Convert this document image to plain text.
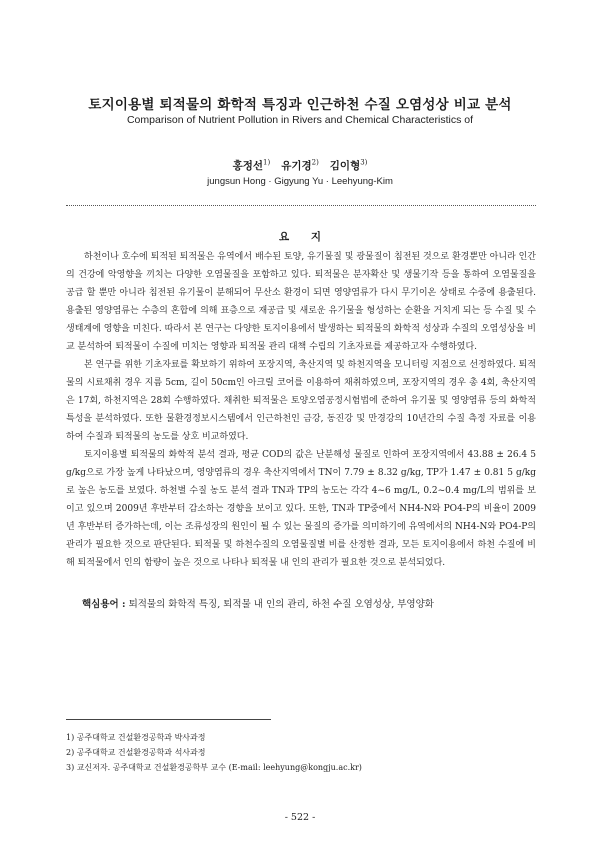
토지이용별 퇴적물의 화학적 특징과 인근하천 수질 오염성상 비교 분석
Comparison of Nutrient Pollution in Rivers and Chemical Characteristics of
홍정선$^{1)}$ 유기경$^{2)}$ 김이형$^{3)}$
jungsun Hong · Gigyung Yu · Leehyung-Kim
요 지

하천이나 호수에 퇴적된 퇴적물은 유역에서 배수된 토양, 유기물질 및 광물질이 침전된 것으로 환경뿐만 아니라 인간의 건강에 악영향을 끼치는 다양한 오염물질을 포함하고 있다. 퇴적물은 분자확산 및 생물기작 등을 통하여 오염물질을 공급 할 뿐만 아니라 침전된 유기물이 분해되어 무산소 환경이 되면 영양염류가 다시 무기이온 상태로 수중에 용출된다. 용출된 영양염류는 수층의 혼합에 의해 표층으로 재공급 및 새로운 유기물을 형성하는 순환을 거치게 되는 등 수질 및 수생태계에 영향을 미친다. 따라서 본 연구는 다양한 토지이용에서 발생하는 퇴적물의 화학적 성상과 수질의 오염성상을 비교 분석하여 퇴적물이 수질에 미치는 영향과 퇴적물 관리 대책 수립의 기초자료를 제공하고자 수행하였다.

본 연구를 위한 기초자료를 확보하기 위하여 포장지역, 축산지역 및 하천지역을 모니터링 지점으로 선정하였다. 퇴적물의 시료채취 경우 지름 5cm, 길이 50cm인 아크릴 코어를 이용하여 채취하였으며, 포장지역의 경우 총 4회, 축산지역은 17회, 하천지역은 28회 수행하였다. 채취한 퇴적물은 토양오염공정시험법에 준하여 유기물 및 영양염류 등의 화학적 특성을 분석하였다. 또한 물환경정보시스템에서 인근하천인 금강, 동진강 및 만경강의 10년간의 수질 측정 자료를 이용하여 수질과 퇴적물의 농도를 상호 비교하였다.

토지이용별 퇴적물의 화학적 분석 결과, 평균 COD의 값은 난분해성 물질로 인하여 포장지역에서 43.88 ± 26.4 5 g/kg으로 가장 높게 나타났으며, 영양염류의 경우 축산지역에서 TN이 7.79 ± 8.32 g/kg, TP가 1.47 ± 0.81 5 g/kg로 높은 농도를 보였다. 하천별 수질 농도 분석 결과 TN과 TP의 농도는 각각 4~6 mg/L, 0.2~0.4 mg/L의 범위를 보이고 있으며 2009년 후반부터 감소하는 경향을 보이고 있다. 또한, TN과 TP중에서 NH4-N와 PO4-P의 비율이 2009년 후반부터 증가하는데, 이는 조류성장의 원인이 될 수 있는 물질의 증가를 의미하기에 유역에서의 NH4-N와 PO4-P의 관리가 필요한 것으로 판단된다. 퇴적물 및 하천수질의 오염물질별 비를 산정한 결과, 모든 토지이용에서 하천 수질에 비해 퇴적물에서 인의 함량이 높은 것으로 나타나 퇴적물 내 인의 관리가 필요한 것으로 분석되었다.

핵심용어 : 퇴적물의 화학적 특징, 퇴적물 내 인의 관리, 하천 수질 오염성상, 부영양화
1) 공주대학교 건설환경공학과 박사과정
2) 공주대학교 건설환경공학과 석사과정
3) 교신저자. 공주대학교 건설환경공학부 교수 (E-mail: leehyung@kongju.ac.kr)
- 522 -
